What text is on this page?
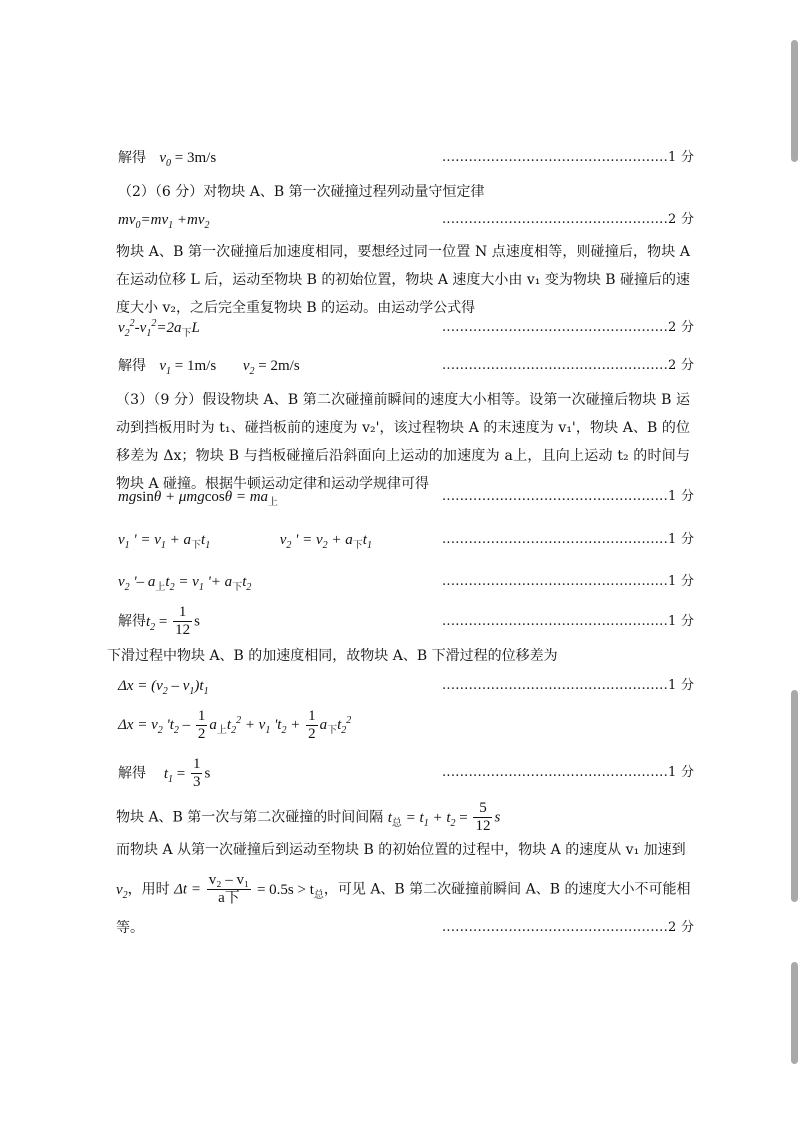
解得 $v_0 = 3m/s$	...................................................1 分
（2）（6 分）对物块 A、B 第一次碰撞过程列动量守恒定律
$mv_0=mv_1 +mv_2$	...................................................2 分
物块 A、B 第一次碰撞后加速度相同，要想经过同一位置 N 点速度相等，则碰撞后，物块 A 在运动位移 L 后，运动至物块 B 的初始位置，物块 A 速度大小由 v₁ 变为物块 B 碰撞后的速度大小 v₂，之后完全重复物块 B 的运动。由运动学公式得
$v_2^2-v_1^2=2a_下L$	...................................................2 分
解得 $v_1 = 1m/s$ $v_2 = 2m/s$	...................................................2 分
（3）（9 分）假设物块 A、B 第二次碰撞前瞬间的速度大小相等。设第一次碰撞后物块 B 运动到挡板用时为 t₁、碰挡板前的速度为 v₂'，该过程物块 A 的末速度为 v₁'，物块 A、B 的位移差为 Δx；物块 B 与挡板碰撞后沿斜面向上运动的加速度为 a上，且向上运动 t₂ 的时间与物块 A 碰撞。根据牛顿运动定律和运动学规律可得
$mgsin\theta + \mu mgcos\theta = ma_上$	...................................................1 分
$v_1$ ' = $v_1 + a_下t_1$	$v_2$ ' = $v_2 + a_下t_1$	...................................................1 分
$v_2$ '– $a_上t_2 = v_1$ '+ $a_下t_2$	...................................................1 分
解得$t_2 = \frac{1}{12}$ s	...................................................1 分
下滑过程中物块 A、B 的加速度相同，故物块 A、B 下滑过程的位移差为
$\Delta x = (v_2 - v_1)t_1$	...................................................1 分
$\Delta x = v_2$ '$t_2 - \frac{1}{2} a_上t_2^2 + v_1$ '$t_2 + \frac{1}{2} a_下t_2^2$
解得 $t_1 = \frac{1}{3}$ s	...................................................1 分
物块 A、B 第一次与第二次碰撞的时间间隔 $t_总 = t_1 + t_2 = \frac{5}{12}$ s
而物块 A 从第一次碰撞后到运动至物块 B 的初始位置的过程中，物块 A 的速度从 v₁ 加速到
$v_2$，用时 $\Delta t = \frac{\text{v₂ – v₁}}{\text{a下}} = 0.5s > t_总$，可见 A、B 第二次碰撞前瞬间 A、B 的速度大小不可能相
等。	...................................................2 分
